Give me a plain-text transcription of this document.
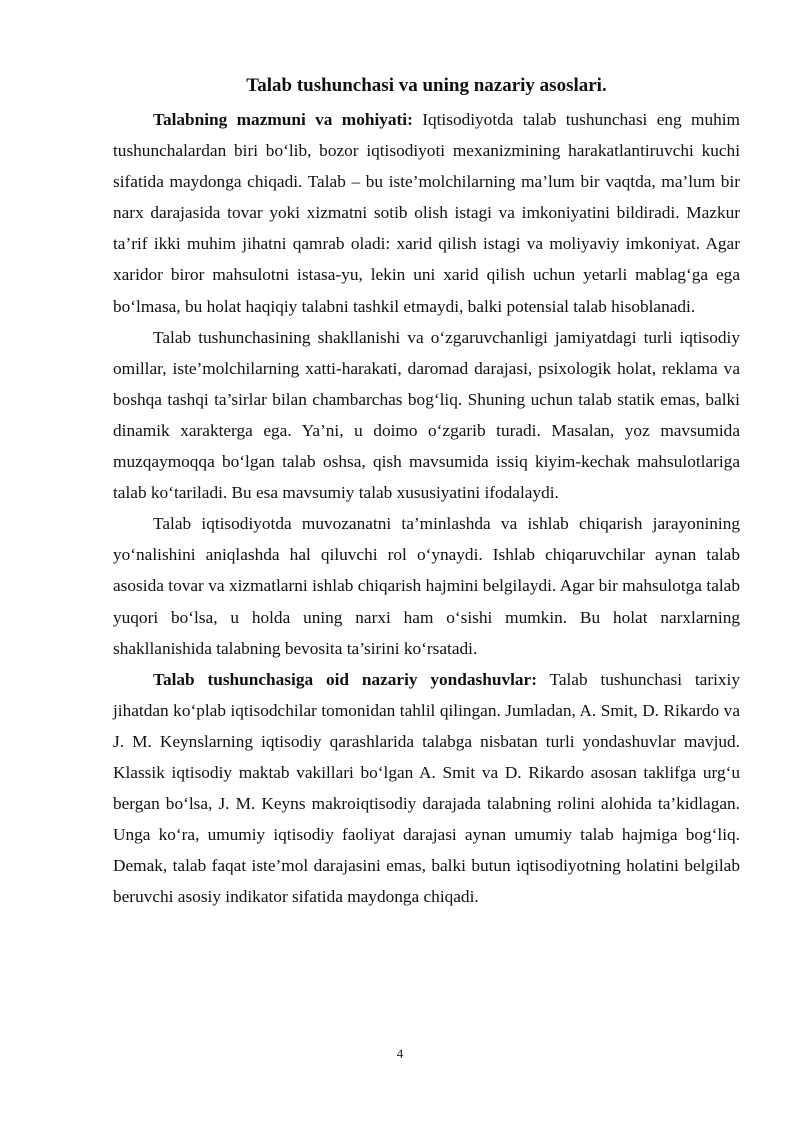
Talab tushunchasi va uning nazariy asoslari.

Talabning mazmuni va mohiyati: Iqtisodiyotda talab tushunchasi eng muhim tushunchalardan biri bo‘lib, bozor iqtisodiyoti mexanizmining harakatlantiruvchi kuchi sifatida maydonga chiqadi. Talab – bu iste’molchilarning ma’lum bir vaqtda, ma’lum bir narx darajasida tovar yoki xizmatni sotib olish istagi va imkoniyatini bildiradi. Mazkur ta’rif ikki muhim jihatni qamrab oladi: xarid qilish istagi va moliyaviy imkoniyat. Agar xaridor biror mahsulotni istasa-yu, lekin uni xarid qilish uchun yetarli mablag‘ga ega bo‘lmasa, bu holat haqiqiy talabni tashkil etmaydi, balki potensial talab hisoblanadi.

Talab tushunchasining shakllanishi va o‘zgaruvchanligi jamiyatdagi turli iqtisodiy omillar, iste’molchilarning xatti-harakati, daromad darajasi, psixologik holat, reklama va boshqa tashqi ta’sirlar bilan chambarchas bog‘liq. Shuning uchun talab statik emas, balki dinamik xarakterga ega. Ya’ni, u doimo o‘zgarib turadi. Masalan, yoz mavsumida muzqaymoqqa bo‘lgan talab oshsa, qish mavsumida issiq kiyim-kechak mahsulotlariga talab ko‘tariladi. Bu esa mavsumiy talab xususiyatini ifodalaydi.

Talab iqtisodiyotda muvozanatni ta’minlashda va ishlab chiqarish jarayonining yo‘nalishini aniqlashda hal qiluvchi rol o‘ynaydi. Ishlab chiqaruvchilar aynan talab asosida tovar va xizmatlarni ishlab chiqarish hajmini belgilaydi. Agar bir mahsulotga talab yuqori bo‘lsa, u holda uning narxi ham o‘sishi mumkin. Bu holat narxlarning shakllanishida talabning bevosita ta’sirini ko‘rsatadi.

Talab tushunchasiga oid nazariy yondashuvlar: Talab tushunchasi tarixiy jihatdan ko‘plab iqtisodchilar tomonidan tahlil qilingan. Jumladan, A. Smit, D. Rikardo va J. M. Keynslarning iqtisodiy qarashlarida talabga nisbatan turli yondashuvlar mavjud. Klassik iqtisodiy maktab vakillari bo‘lgan A. Smit va D. Rikardo asosan taklifga urg‘u bergan bo‘lsa, J. M. Keyns makroiqtisodiy darajada talabning rolini alohida ta’kidlagan. Unga ko‘ra, umumiy iqtisodiy faoliyat darajasi aynan umumiy talab hajmiga bog‘liq. Demak, talab faqat iste’mol darajasini emas, balki butun iqtisodiyotning holatini belgilab beruvchi asosiy indikator sifatida maydonga chiqadi.

4
